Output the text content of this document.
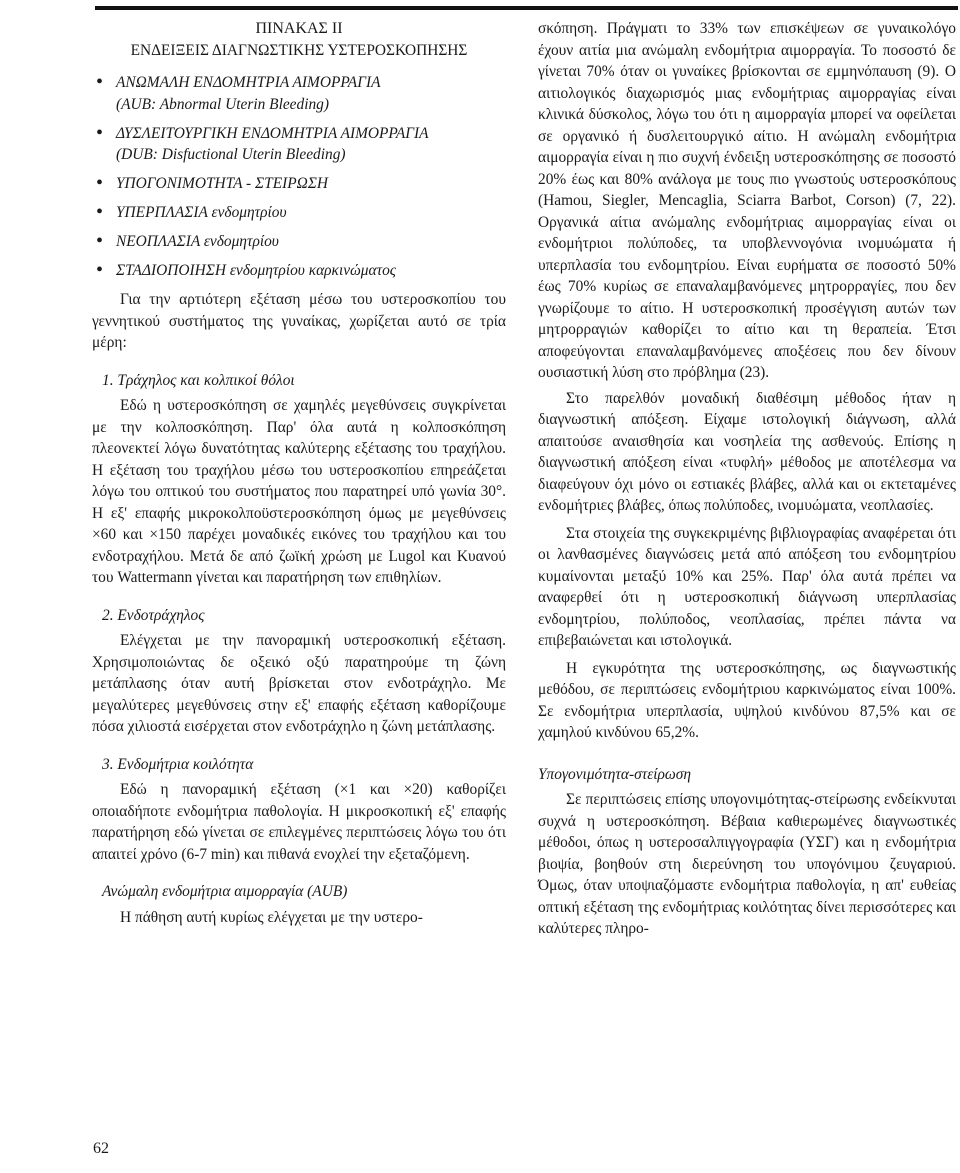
ΠΙΝΑΚΑΣ ΙΙ
ΕΝΔΕΙΞΕΙΣ ΔΙΑΓΝΩΣΤΙΚΗΣ ΥΣΤΕΡΟΣΚΟΠΗΣΗΣ
• ΑΝΩΜΑΛΗ ΕΝΔΟΜΗΤΡΙΑ ΑΙΜΟΡΡΑΓΙΑ
(AUB: Abnormal Uterin Bleeding)
• ΔΥΣΛΕΙΤΟΥΡΓΙΚΗ ΕΝΔΟΜΗΤΡΙΑ ΑΙΜΟΡΡΑΓΙΑ
(DUB: Disfuctional Uterin Bleeding)
• ΥΠΟΓΟΝΙΜΟΤΗΤΑ - ΣΤΕΙΡΩΣΗ
• ΥΠΕΡΠΛΑΣΙΑ ενδομητρίου
• ΝΕΟΠΛΑΣΙΑ ενδομητρίου
• ΣΤΑΔΙΟΠΟΙΗΣΗ ενδομητρίου καρκινώματος

Για την αρτιότερη εξέταση μέσω του υστεροσκοπίου του γεννητικού συστήματος της γυναίκας, χωρίζεται αυτό σε τρία μέρη:

1. Τράχηλος και κολπικοί θόλοι

Εδώ η υστεροσκόπηση σε χαμηλές μεγεθύνσεις συγκρίνεται με την κολποσκόπηση. Παρ' όλα αυτά η κολποσκόπηση πλεονεκτεί λόγω δυνατότητας καλύτερης εξέτασης του τραχήλου. Η εξέταση του τραχήλου μέσω του υστεροσκοπίου επηρεάζεται λόγω του οπτικού του συστήματος που παρατηρεί υπό γωνία 30°. Η εξ' επαφής μικροκολποϋστεροσκόπηση όμως με μεγεθύνσεις ×60 και ×150 παρέχει μοναδικές εικόνες του τραχήλου και του ενδοτραχήλου. Μετά δε από ζωϊκή χρώση με Lugol και Κυανού του Wattermann γίνεται και παρατήρηση των επιθηλίων.

2. Ενδοτράχηλος

Ελέγχεται με την πανοραμική υστεροσκοπική εξέταση. Χρησιμοποιώντας δε οξεικό οξύ παρατηρούμε τη ζώνη μετάπλασης όταν αυτή βρίσκεται στον ενδοτράχηλο. Με μεγαλύτερες μεγεθύνσεις στην εξ' επαφής εξέταση καθορίζουμε πόσα χιλιοστά εισέρχεται στον ενδοτράχηλο η ζώνη μετάπλασης.

3. Ενδομήτρια κοιλότητα

Εδώ η πανοραμική εξέταση (×1 και ×20) καθορίζει οποιαδήποτε ενδομήτρια παθολογία. Η μικροσκοπική εξ' επαφής παρατήρηση εδώ γίνεται σε επιλεγμένες περιπτώσεις λόγω του ότι απαιτεί χρόνο (6-7 min) και πιθανά ενοχλεί την εξεταζόμενη.

Ανώμαλη ενδομήτρια αιμορραγία (AUB)

Η πάθηση αυτή κυρίως ελέγχεται με την υστερο-

σκόπηση. Πράγματι το 33% των επισκέψεων σε γυναικολόγο έχουν αιτία μια ανώμαλη ενδομήτρια αιμορραγία. Το ποσοστό δε γίνεται 70% όταν οι γυναίκες βρίσκονται σε εμμηνόπαυση (9). Ο αιτιολογικός διαχωρισμός μιας ενδομήτριας αιμορραγίας είναι κλινικά δύσκολος, λόγω του ότι η αιμορραγία μπορεί να οφείλεται σε οργανικό ή δυσλειτουργικό αίτιο. Η ανώμαλη ενδομήτρια αιμορραγία είναι η πιο συχνή ένδειξη υστεροσκόπησης σε ποσοστό 20% έως και 80% ανάλογα με τους πιο γνωστούς υστεροσκόπους (Hamou, Siegler, Mencaglia, Sciarra Barbot, Corson) (7, 22). Οργανικά αίτια ανώμαλης ενδομήτριας αιμορραγίας είναι οι ενδομήτριοι πολύποδες, τα υποβλεννογόνια ινομυώματα ή υπερπλασία του ενδομητρίου. Είναι ευρήματα σε ποσοστό 50% έως 70% κυρίως σε επαναλαμβανόμενες μητρορραγίες, που δεν γνωρίζουμε το αίτιο. Η υστεροσκοπική προσέγγιση αυτών των μητρορραγιών καθορίζει το αίτιο και τη θεραπεία. Έτσι αποφεύγονται επαναλαμβανόμενες αποξέσεις που δεν δίνουν ουσιαστική λύση στο πρόβλημα (23).

Στο παρελθόν μοναδική διαθέσιμη μέθοδος ήταν η διαγνωστική απόξεση. Είχαμε ιστολογική διάγνωση, αλλά απαιτούσε αναισθησία και νοσηλεία της ασθενούς. Επίσης η διαγνωστική απόξεση είναι «τυφλή» μέθοδος με αποτέλεσμα να διαφεύγουν όχι μόνο οι εστιακές βλάβες, αλλά και οι εκτεταμένες ενδομήτριες βλάβες, όπως πολύποδες, ινομυώματα, νεοπλασίες.

Στα στοιχεία της συγκεκριμένης βιβλιογραφίας αναφέρεται ότι οι λανθασμένες διαγνώσεις μετά από απόξεση του ενδομητρίου κυμαίνονται μεταξύ 10% και 25%. Παρ' όλα αυτά πρέπει να αναφερθεί ότι η υστεροσκοπική διάγνωση υπερπλασίας ενδομητρίου, πολύποδος, νεοπλασίας, πρέπει πάντα να επιβεβαιώνεται και ιστολογικά.

Η εγκυρότητα της υστεροσκόπησης, ως διαγνωστικής μεθόδου, σε περιπτώσεις ενδομήτριου καρκινώματος είναι 100%. Σε ενδομήτρια υπερπλασία, υψηλού κινδύνου 87,5% και σε χαμηλού κινδύνου 65,2%.

Υπογονιμότητα-στείρωση

Σε περιπτώσεις επίσης υπογονιμότητας-στείρωσης ενδείκνυται συχνά η υστεροσκόπηση. Βέβαια καθιερωμένες διαγνωστικές μέθοδοι, όπως η υστεροσαλπιγγογραφία (ΥΣΓ) και η ενδομήτρια βιοψία, βοηθούν στη διερεύνηση του υπογόνιμου ζευγαριού. Όμως, όταν υποψιαζόμαστε ενδομήτρια παθολογία, η απ' ευθείας οπτική εξέταση της ενδομήτριας κοιλότητας δίνει περισσότερες και καλύτερες πληρο-

62
